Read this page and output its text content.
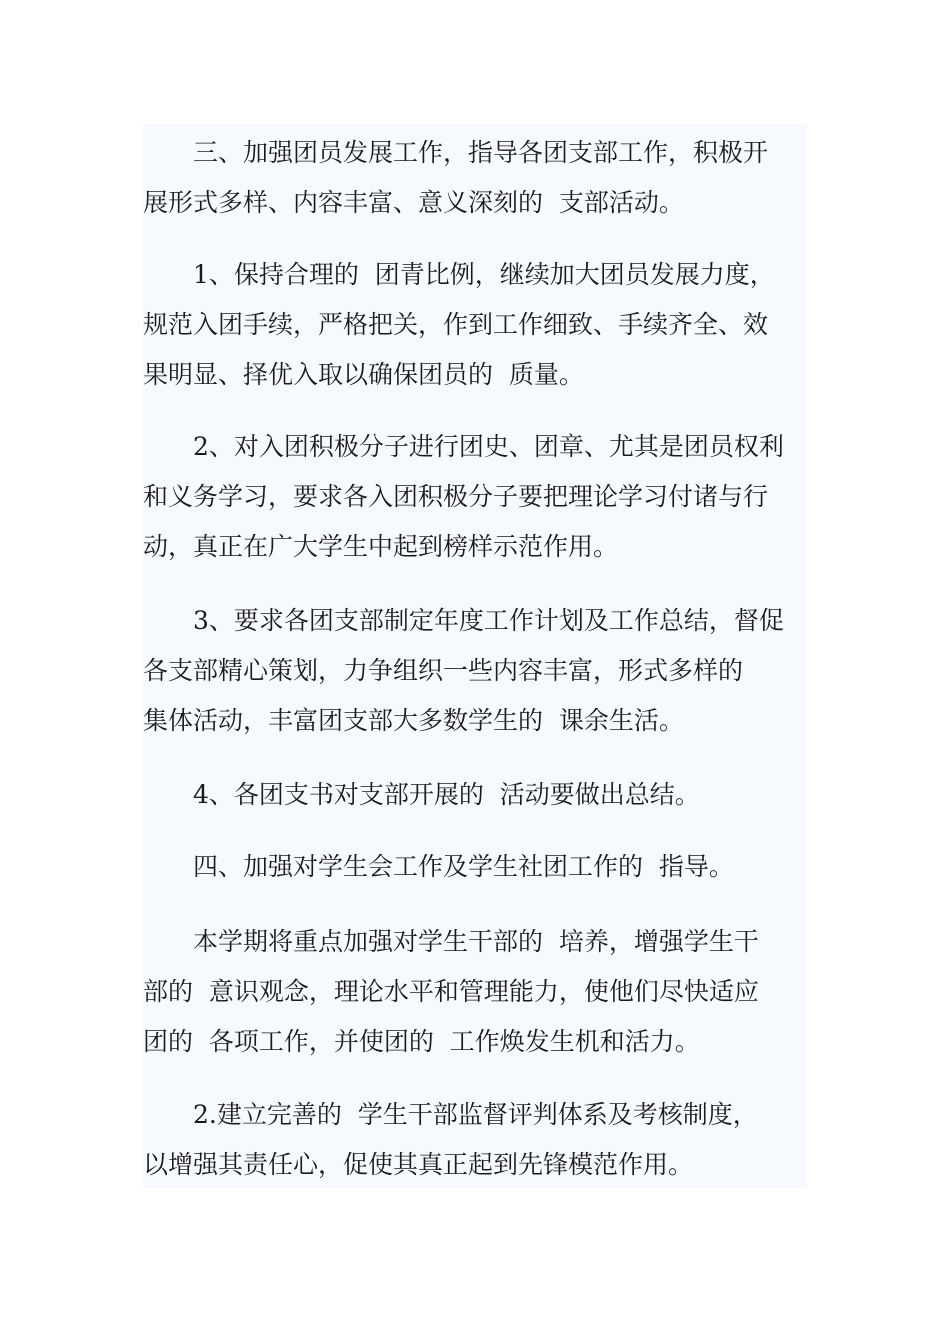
三、加强团员发展工作，指导各团支部工作，积极开
展形式多样、内容丰富、意义深刻的  支部活动。
1、保持合理的  团青比例，继续加大团员发展力度，
规范入团手续，严格把关，作到工作细致、手续齐全、效
果明显、择优入取以确保团员的  质量。
2、对入团积极分子进行团史、团章、尤其是团员权利
和义务学习，要求各入团积极分子要把理论学习付诸与行
动，真正在广大学生中起到榜样示范作用。
3、要求各团支部制定年度工作计划及工作总结，督促
各支部精心策划，力争组织一些内容丰富，形式多样的
集体活动，丰富团支部大多数学生的  课余生活。
4、各团支书对支部开展的  活动要做出总结。
四、加强对学生会工作及学生社团工作的  指导。
本学期将重点加强对学生干部的  培养，增强学生干
部的  意识观念，理论水平和管理能力，使他们尽快适应
团的  各项工作，并使团的  工作焕发生机和活力。
2.建立完善的  学生干部监督评判体系及考核制度，
以增强其责任心，促使其真正起到先锋模范作用。
